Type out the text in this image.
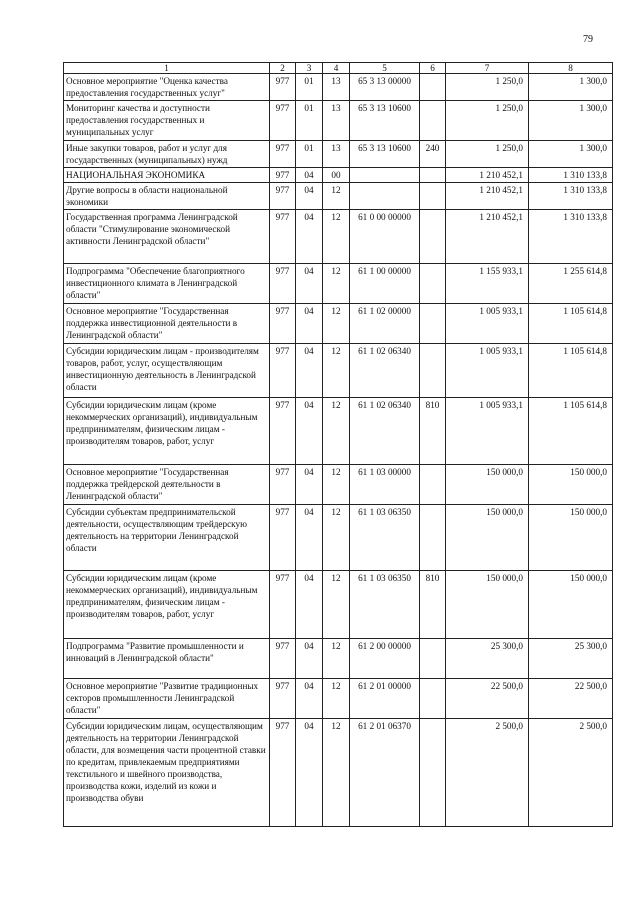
79
1	2	3	4	5	6	7	8
Основное мероприятие "Оценка качества предоставления государственных услуг"	977	01	13	65 3 13 00000		1 250,0	1 300,0
Мониторинг качества и доступности предоставления государственных и муниципальных услуг	977	01	13	65 3 13 10600		1 250,0	1 300,0
Иные закупки товаров, работ и услуг для государственных (муниципальных) нужд	977	01	13	65 3 13 10600	240	1 250,0	1 300,0
НАЦИОНАЛЬНАЯ ЭКОНОМИКА	977	04	00			1 210 452,1	1 310 133,8
Другие вопросы в области национальной экономики	977	04	12			1 210 452,1	1 310 133,8
Государственная программа Ленинградской области "Стимулирование экономической активности Ленинградской области"	977	04	12	61 0 00 00000		1 210 452,1	1 310 133,8
Подпрограмма "Обеспечение благоприятного инвестиционного климата в Ленинградской области"	977	04	12	61 1 00 00000		1 155 933,1	1 255 614,8
Основное мероприятие "Государственная поддержка инвестиционной деятельности в Ленинградской области"	977	04	12	61 1 02 00000		1 005 933,1	1 105 614,8
Субсидии юридическим лицам - производителям товаров, работ, услуг, осуществляющим инвестиционную деятельность в Ленинградской области	977	04	12	61 1 02 06340		1 005 933,1	1 105 614,8
Субсидии юридическим лицам (кроме некоммерческих организаций), индивидуальным предпринимателям, физическим лицам - производителям товаров, работ, услуг	977	04	12	61 1 02 06340	810	1 005 933,1	1 105 614,8
Основное мероприятие "Государственная поддержка трейдерской деятельности в Ленинградской области"	977	04	12	61 1 03 00000		150 000,0	150 000,0
Субсидии субъектам предпринимательской деятельности, осуществляющим трейдерскую деятельность на территории Ленинградской области	977	04	12	61 1 03 06350		150 000,0	150 000,0
Субсидии юридическим лицам (кроме некоммерческих организаций), индивидуальным предпринимателям, физическим лицам - производителям товаров, работ, услуг	977	04	12	61 1 03 06350	810	150 000,0	150 000,0
Подпрограмма "Развитие промышленности и инноваций в Ленинградской области"	977	04	12	61 2 00 00000		25 300,0	25 300,0
Основное мероприятие "Развитие традиционных секторов промышленности Ленинградской области"	977	04	12	61 2 01 00000		22 500,0	22 500,0
Субсидии юридическим лицам, осуществляющим деятельность на территории Ленинградской области, для возмещения части процентной ставки по кредитам, привлекаемым предприятиями текстильного и швейного производства, производства кожи, изделий из кожи и производства обуви	977	04	12	61 2 01 06370		2 500,0	2 500,0
